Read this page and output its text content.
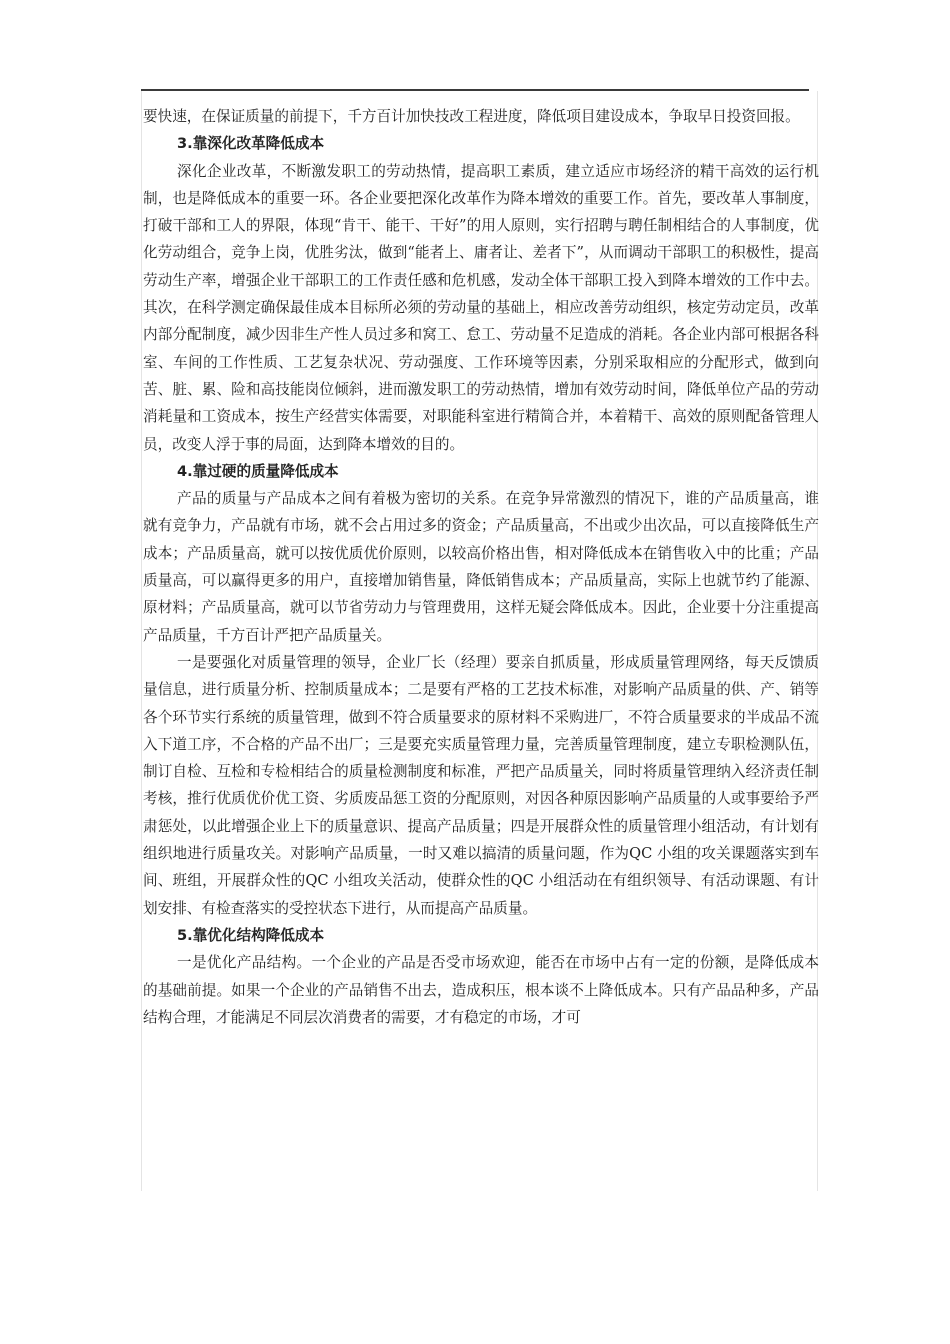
要快速，在保证质量的前提下，千方百计加快技改工程进度，降低项目建设成本，争取早日投资回报。

3.靠深化改革降低成本

深化企业改革，不断激发职工的劳动热情，提高职工素质，建立适应市场经济的精干高效的运行机制，也是降低成本的重要一环。各企业要把深化改革作为降本增效的重要工作。首先，要改革人事制度，打破干部和工人的界限，体现“肯干、能干、干好”的用人原则，实行招聘与聘任制相结合的人事制度，优化劳动组合，竞争上岗，优胜劣汰，做到“能者上、庸者让、差者下”，从而调动干部职工的积极性，提高劳动生产率，增强企业干部职工的工作责任感和危机感，发动全体干部职工投入到降本增效的工作中去。其次，在科学测定确保最佳成本目标所必须的劳动量的基础上，相应改善劳动组织，核定劳动定员，改革内部分配制度，减少因非生产性人员过多和窝工、怠工、劳动量不足造成的消耗。各企业内部可根据各科室、车间的工作性质、工艺复杂状况、劳动强度、工作环境等因素，分别采取相应的分配形式，做到向苦、脏、累、险和高技能岗位倾斜，进而激发职工的劳动热情，增加有效劳动时间，降低单位产品的劳动消耗量和工资成本，按生产经营实体需要，对职能科室进行精简合并，本着精干、高效的原则配备管理人员，改变人浮于事的局面，达到降本增效的目的。

4.靠过硬的质量降低成本

产品的质量与产品成本之间有着极为密切的关系。在竞争异常激烈的情况下，谁的产品质量高，谁就有竞争力，产品就有市场，就不会占用过多的资金；产品质量高，不出或少出次品，可以直接降低生产成本；产品质量高，就可以按优质优价原则，以较高价格出售，相对降低成本在销售收入中的比重；产品质量高，可以赢得更多的用户，直接增加销售量，降低销售成本；产品质量高，实际上也就节约了能源、原材料；产品质量高，就可以节省劳动力与管理费用，这样无疑会降低成本。因此，企业要十分注重提高产品质量，千方百计严把产品质量关。

一是要强化对质量管理的领导，企业厂长（经理）要亲自抓质量，形成质量管理网络，每天反馈质量信息，进行质量分析、控制质量成本；二是要有严格的工艺技术标准，对影响产品质量的供、产、销等各个环节实行系统的质量管理，做到不符合质量要求的原材料不采购进厂，不符合质量要求的半成品不流入下道工序，不合格的产品不出厂；三是要充实质量管理力量，完善质量管理制度，建立专职检测队伍，制订自检、互检和专检相结合的质量检测制度和标准，严把产品质量关，同时将质量管理纳入经济责任制考核，推行优质优价优工资、劣质废品惩工资的分配原则，对因各种原因影响产品质量的人或事要给予严肃惩处，以此增强企业上下的质量意识、提高产品质量；四是开展群众性的质量管理小组活动，有计划有组织地进行质量攻关。对影响产品质量，一时又难以搞清的质量问题，作为QC 小组的攻关课题落实到车间、班组，开展群众性的QC 小组攻关活动，使群众性的QC 小组活动在有组织领导、有活动课题、有计划安排、有检查落实的受控状态下进行，从而提高产品质量。

5.靠优化结构降低成本

一是优化产品结构。一个企业的产品是否受市场欢迎，能否在市场中占有一定的份额，是降低成本的基础前提。如果一个企业的产品销售不出去，造成积压，根本谈不上降低成本。只有产品品种多，产品结构合理，才能满足不同层次消费者的需要，才有稳定的市场，才可
